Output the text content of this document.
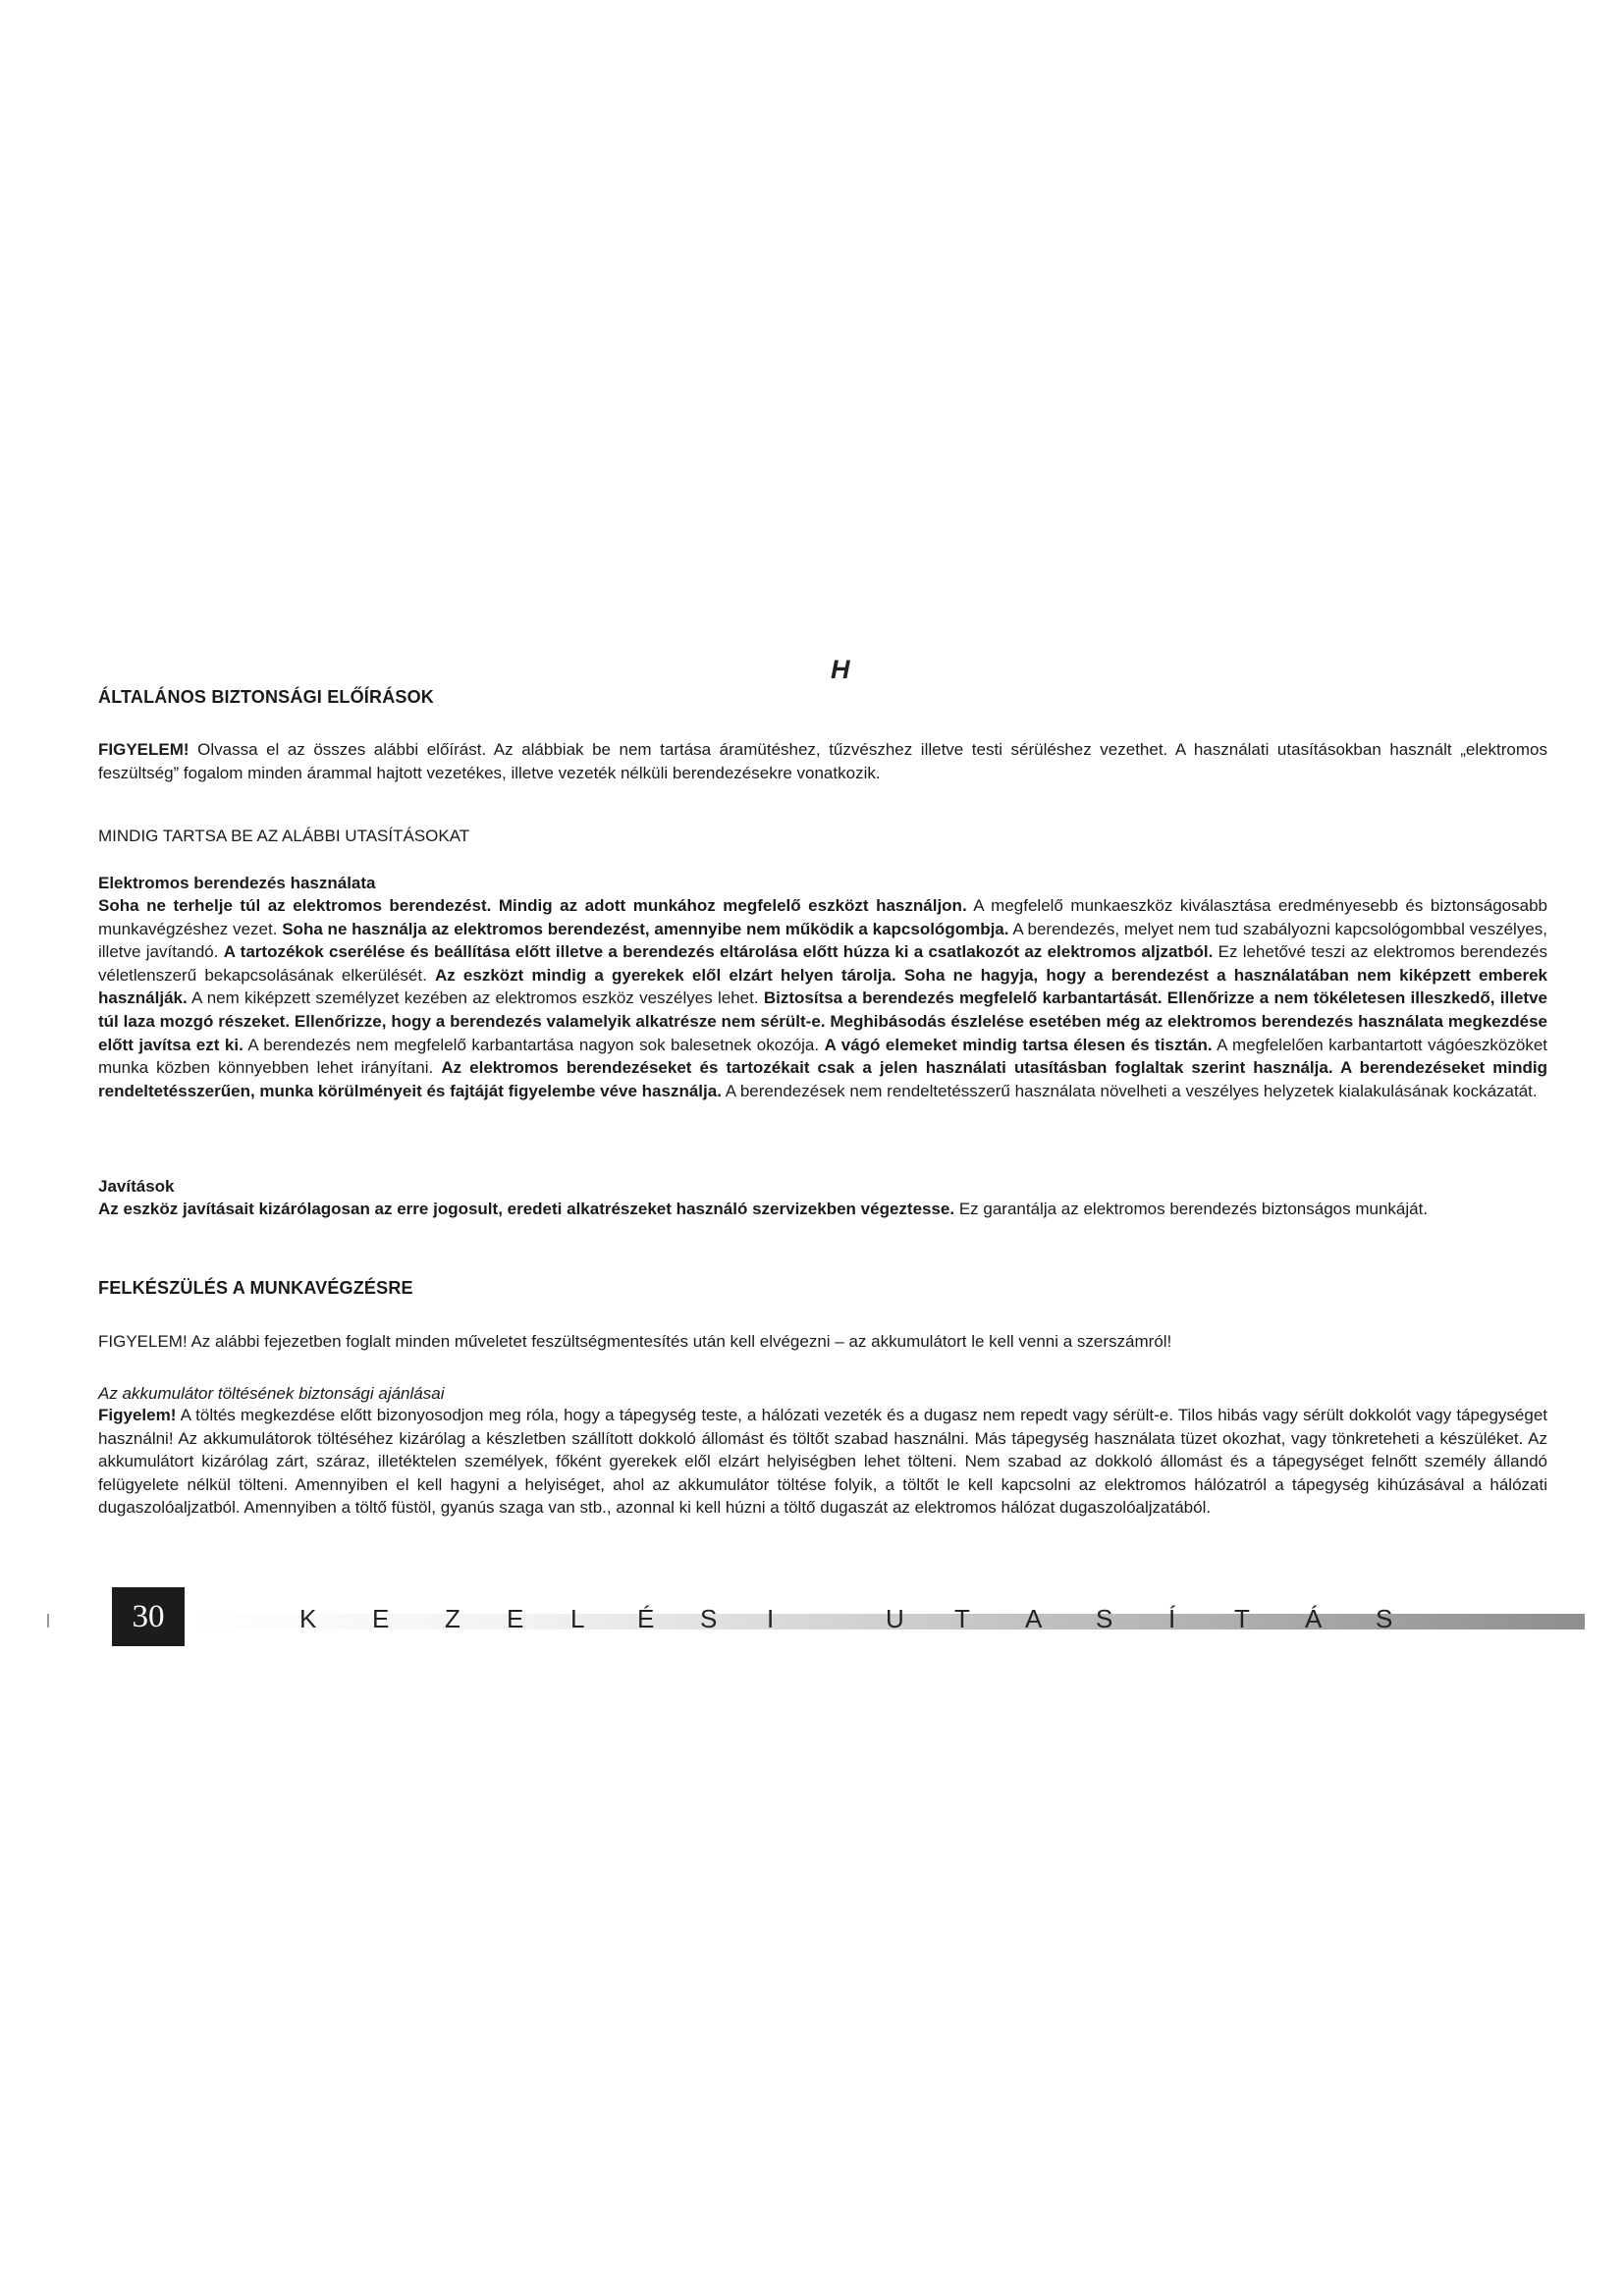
H
ÁLTALÁNOS BIZTONSÁGI ELŐÍRÁSOK

FIGYELEM! Olvassa el az összes alábbi előírást. Az alábbiak be nem tartása áramütéshez, tűzvészhez illetve testi sérüléshez vezethet. A használati utasításokban használt „elektromos feszültség” fogalom minden árammal hajtott vezetékes, illetve vezeték nélküli berendezésekre vonatkozik.

MINDIG TARTSA BE AZ ALÁBBI UTASÍTÁSOKAT

Elektromos berendezés használata

Soha ne terhelje túl az elektromos berendezést. Mindig az adott munkához megfelelő eszközt használjon. A megfelelő munkaeszköz kiválasztása eredményesebb és biztonságosabb munkavégzéshez vezet. Soha ne használja az elektromos berendezést, amennyibe nem működik a kapcsológombja. A berendezés, melyet nem tud szabályozni kapcsológombbal veszélyes, illetve javítandó. A tartozékok cserélése és beállítása előtt illetve a berendezés eltárolása előtt húzza ki a csatlakozót az elektromos aljzatból. Ez lehetővé teszi az elektromos berendezés véletlenszerű bekapcsolásának elkerülését. Az eszközt mindig a gyerekek elől elzárt helyen tárolja. Soha ne hagyja, hogy a berendezést a használatában nem kiképzett emberek használják. A nem kiképzett személyzet kezében az elektromos eszköz veszélyes lehet. Biztosítsa a berendezés megfelelő karbantartását. Ellenőrizze a nem tökéletesen illeszkedő, illetve túl laza mozgó részeket. Ellenőrizze, hogy a berendezés valamelyik alkatrésze nem sérült-e. Meghibásodás észlelése esetében még az elektromos berendezés használata megkezdése előtt javítsa ezt ki. A berendezés nem megfelelő karbantartása nagyon sok balesetnek okozója. A vágó elemeket mindig tartsa élesen és tisztán. A megfelelően karbantartott vágóeszközöket munka közben könnyebben lehet irányítani. Az elektromos berendezéseket és tartozékait csak a jelen használati utasításban foglaltak szerint használja. A berendezéseket mindig rendeltetésszerűen, munka körülményeit és fajtáját figyelembe véve használja. A berendezések nem rendeltetésszerű használata növelheti a veszélyes helyzetek kialakulásának kockázatát.

Javítások

Az eszköz javításait kizárólagosan az erre jogosult, eredeti alkatrészeket használó szervizekben végeztesse. Ez garantálja az elektromos berendezés biztonságos munkáját.

FELKÉSZÜLÉS A MUNKAVÉGZÉSRE

FIGYELEM! Az alábbi fejezetben foglalt minden műveletet feszültségmentesítés után kell elvégezni – az akkumulátort le kell venni a szerszámról!

Az akkumulátor töltésének biztonsági ajánlásai

Figyelem! A töltés megkezdése előtt bizonyosodjon meg róla, hogy a tápegység teste, a hálózati vezeték és a dugasz nem repedt vagy sérült-e. Tilos hibás vagy sérült dokkolót vagy tápegységet használni! Az akkumulátorok töltéséhez kizárólag a készletben szállított dokkoló állomást és töltőt szabad használni. Más tápegység használata tüzet okozhat, vagy tönkreteheti a készüléket. Az akkumulátort kizárólag zárt, száraz, illetéktelen személyek, főként gyerekek elől elzárt helyiségben lehet tölteni. Nem szabad az dokkoló állomást és a tápegységet felnőtt személy állandó felügyelete nélkül tölteni. Amennyiben el kell hagyni a helyiséget, ahol az akkumulátor töltése folyik, a töltőt le kell kapcsolni az elektromos hálózatról a tápegység kihúzásával a hálózati dugaszolóaljzatból. Amennyiben a töltő füstöl, gyanús szaga van stb., azonnal ki kell húzni a töltő dugaszát az elektromos hálózat dugaszolóaljzatából.

30	K E Z E L É S I	U T A S Í T Á S
